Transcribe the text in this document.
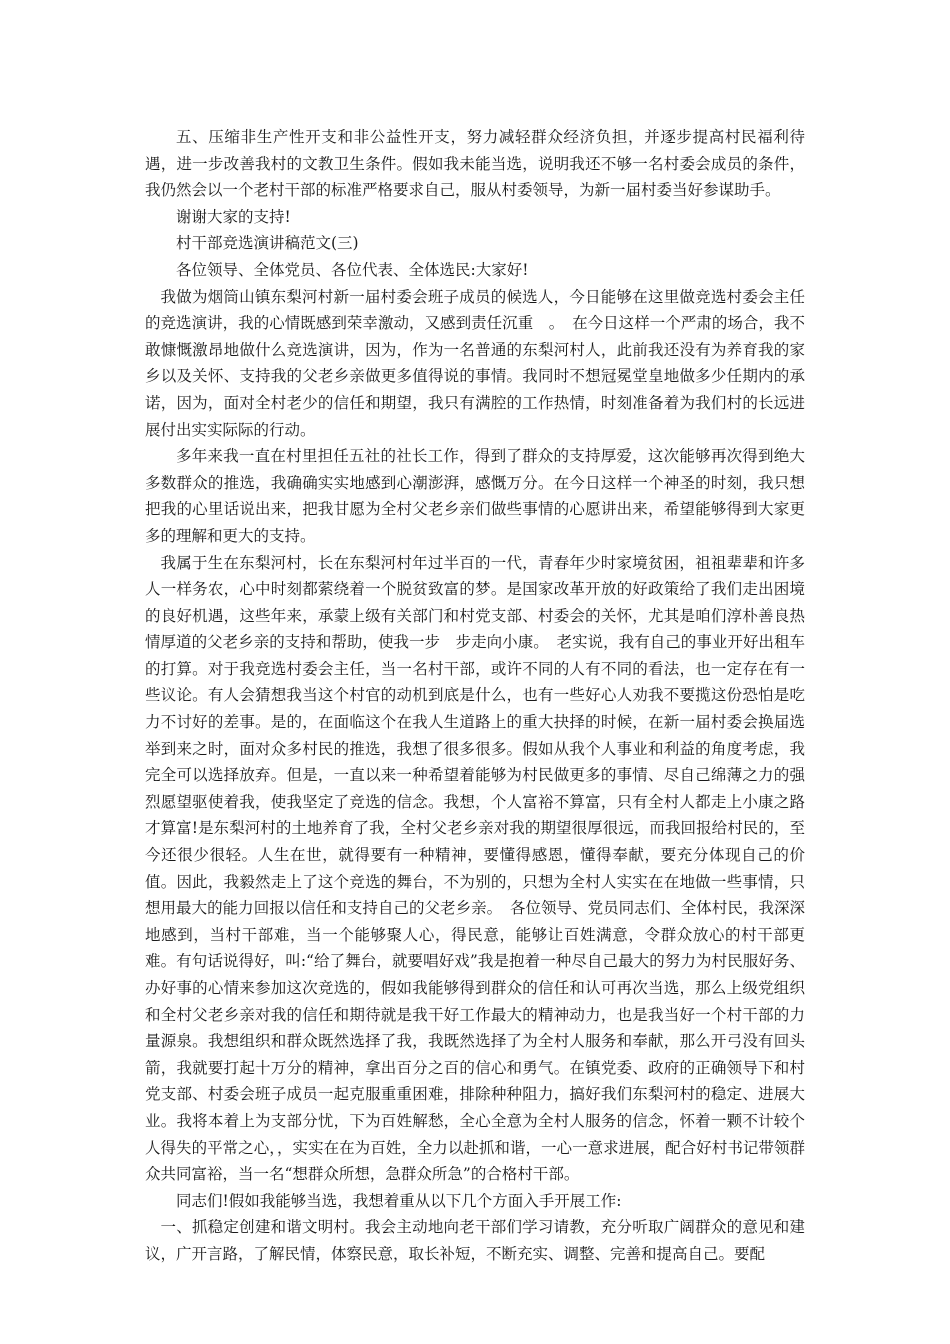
五、压缩非生产性开支和非公益性开支，努力减轻群众经济负担，并逐步提高村民福利待遇，进一步改善我村的文教卫生条件。假如我未能当选，说明我还不够一名村委会成员的条件，我仍然会以一个老村干部的标准严格要求自己，服从村委领导，为新一届村委当好参谋助手。

谢谢大家的支持!

村干部竞选演讲稿范文(三)

各位领导、全体党员、各位代表、全体选民:大家好!

我做为烟筒山镇东梨河村新一届村委会班子成员的候选人，今日能够在这里做竞选村委会主任的竞选演讲，我的心情既感到荣幸激动，又感到责任沉重　。　在今日这样一个严肃的场合，我不敢慷慨激昂地做什么竞选演讲，因为，作为一名普通的东梨河村人，此前我还没有为养育我的家乡以及关怀、支持我的父老乡亲做更多值得说的事情。我同时不想冠冕堂皇地做多少任期内的承诺，因为，面对全村老少的信任和期望，我只有满腔的工作热情，时刻准备着为我们村的长远进展付出实实际际的行动。

多年来我一直在村里担任五社的社长工作，得到了群众的支持厚爱，这次能够再次得到绝大多数群众的推选，我确确实实地感到心潮澎湃，感慨万分。在今日这样一个神圣的时刻，我只想把我的心里话说出来，把我甘愿为全村父老乡亲们做些事情的心愿讲出来，希望能够得到大家更多的理解和更大的支持。

我属于生在东梨河村，长在东梨河村年过半百的一代，青春年少时家境贫困，祖祖辈辈和许多人一样务农，心中时刻都萦绕着一个脱贫致富的梦。是国家改革开放的好政策给了我们走出困境的良好机遇，这些年来，承蒙上级有关部门和村党支部、村委会的关怀，尤其是咱们淳朴善良热情厚道的父老乡亲的支持和帮助，使我一步　步走向小康。　老实说，我有自己的事业开好出租车的打算。对于我竞选村委会主任，当一名村干部，或许不同的人有不同的看法，也一定存在有一些议论。有人会猜想我当这个村官的动机到底是什么，也有一些好心人劝我不要揽这份恐怕是吃力不讨好的差事。是的，在面临这个在我人生道路上的重大抉择的时候，在新一届村委会换届选举到来之时，面对众多村民的推选，我想了很多很多。假如从我个人事业和利益的角度考虑，我完全可以选择放弃。但是，一直以来一种希望着能够为村民做更多的事情、尽自己绵薄之力的强烈愿望驱使着我，使我坚定了竞选的信念。我想，个人富裕不算富，只有全村人都走上小康之路才算富!是东梨河村的土地养育了我，全村父老乡亲对我的期望很厚很远，而我回报给村民的，至今还很少很轻。人生在世，就得要有一种精神，要懂得感恩，懂得奉献，要充分体现自己的价值。因此，我毅然走上了这个竞选的舞台，不为别的，只想为全村人实实在在地做一些事情，只想用最大的能力回报以信任和支持自己的父老乡亲。　各位领导、党员同志们、全体村民，我深深地感到，当村干部难，当一个能够聚人心，得民意，能够让百姓满意，令群众放心的村干部更难。有句话说得好，叫:“给了舞台，就要唱好戏”我是抱着一种尽自己最大的努力为村民服好务、办好事的心情来参加这次竞选的，假如我能够得到群众的信任和认可再次当选，那么上级党组织和全村父老乡亲对我的信任和期待就是我干好工作最大的精神动力，也是我当好一个村干部的力量源泉。我想组织和群众既然选择了我，我既然选择了为全村人服务和奉献，那么开弓没有回头箭，我就要打起十万分的精神，拿出百分之百的信心和勇气。在镇党委、政府的正确领导下和村党支部、村委会班子成员一起克服重重困难，排除种种阻力，搞好我们东梨河村的稳定、进展大业。我将本着上为支部分忧，下为百姓解愁，全心全意为全村人服务的信念，怀着一颗不计较个人得失的平常之心，，实实在在为百姓，全力以赴抓和谐，一心一意求进展，配合好村书记带领群众共同富裕，当一名“想群众所想，急群众所急”的合格村干部。

同志们!假如我能够当选，我想着重从以下几个方面入手开展工作:

一、抓稳定创建和谐文明村。我会主动地向老干部们学习请教，充分听取广阔群众的意见和建议，广开言路，了解民情，体察民意，取长补短，不断充实、调整、完善和提高自己。要配
